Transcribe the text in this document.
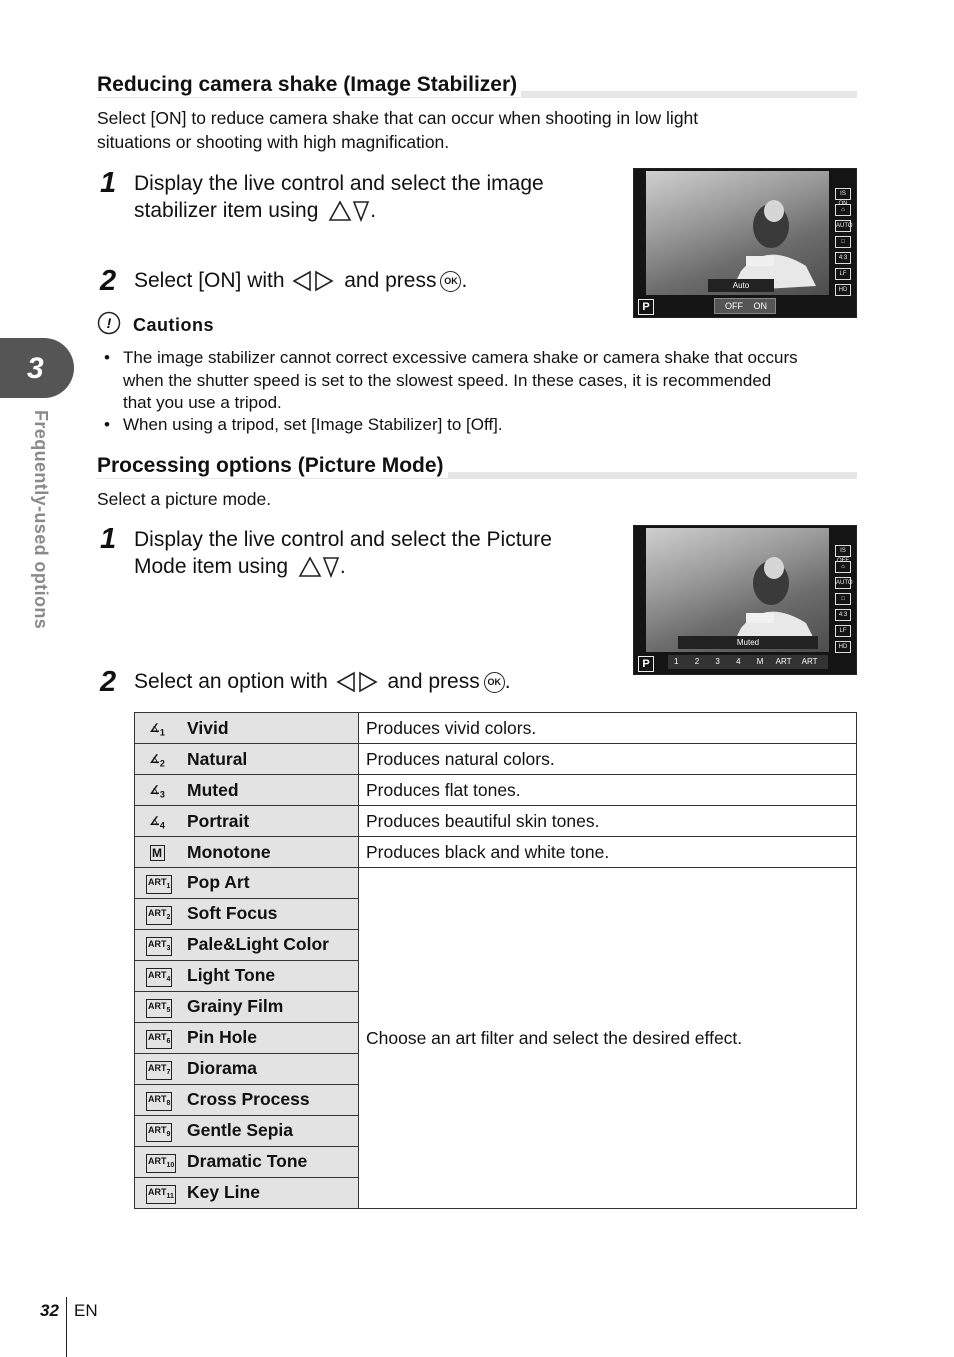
3
Frequently-used options
Reducing camera shake (Image Stabilizer)
Select [ON] to reduce camera shake that can occur when shooting in low light
situations or shooting with high magnification.
1 Display the live control and select the image
stabilizer item using .
2 Select [ON] with	and press OK .	Auto
P	OFF ON
IS ON
⌂
AUTO
□
4:3
LF
HD
! Cautions
• The image stabilizer cannot correct excessive camera shake or camera shake that occurs
when the shutter speed is set to the slowest speed. In these cases, it is recommended
that you use a tripod.
• When using a tripod, set [Image Stabilizer] to [Off].
Processing options (Picture Mode)
Select a picture mode.
1 Display the live control and select the Picture
Mode item using .
2 Select an option with	and press OK .
Muted
P	1 2 3 4 M ART ART
IS OFF
⌂
AUTO
□
4:3
LF
HD
$∡_1$ Vivid	Produces vivid colors.
$∡_2$ Natural	Produces natural colors.
$∡_3$ Muted	Produces flat tones.
$∡_4$ Portrait	Produces beautiful skin tones.
M Monotone	Produces black and white tone.
$ART_1$ Pop Art	Choose an art filter and select the desired effect.
$ART_2$ Soft Focus	
$ART_3$ Pale&Light Color	
$ART_4$ Light Tone	
$ART_5$ Grainy Film	
$ART_6$ Pin Hole	
$ART_7$ Diorama	
$ART_8$ Cross Process	
$ART_9$ Gentle Sepia	
$ART_{10}$ Dramatic Tone	
$ART_{11}$ Key Line	
32 EN
